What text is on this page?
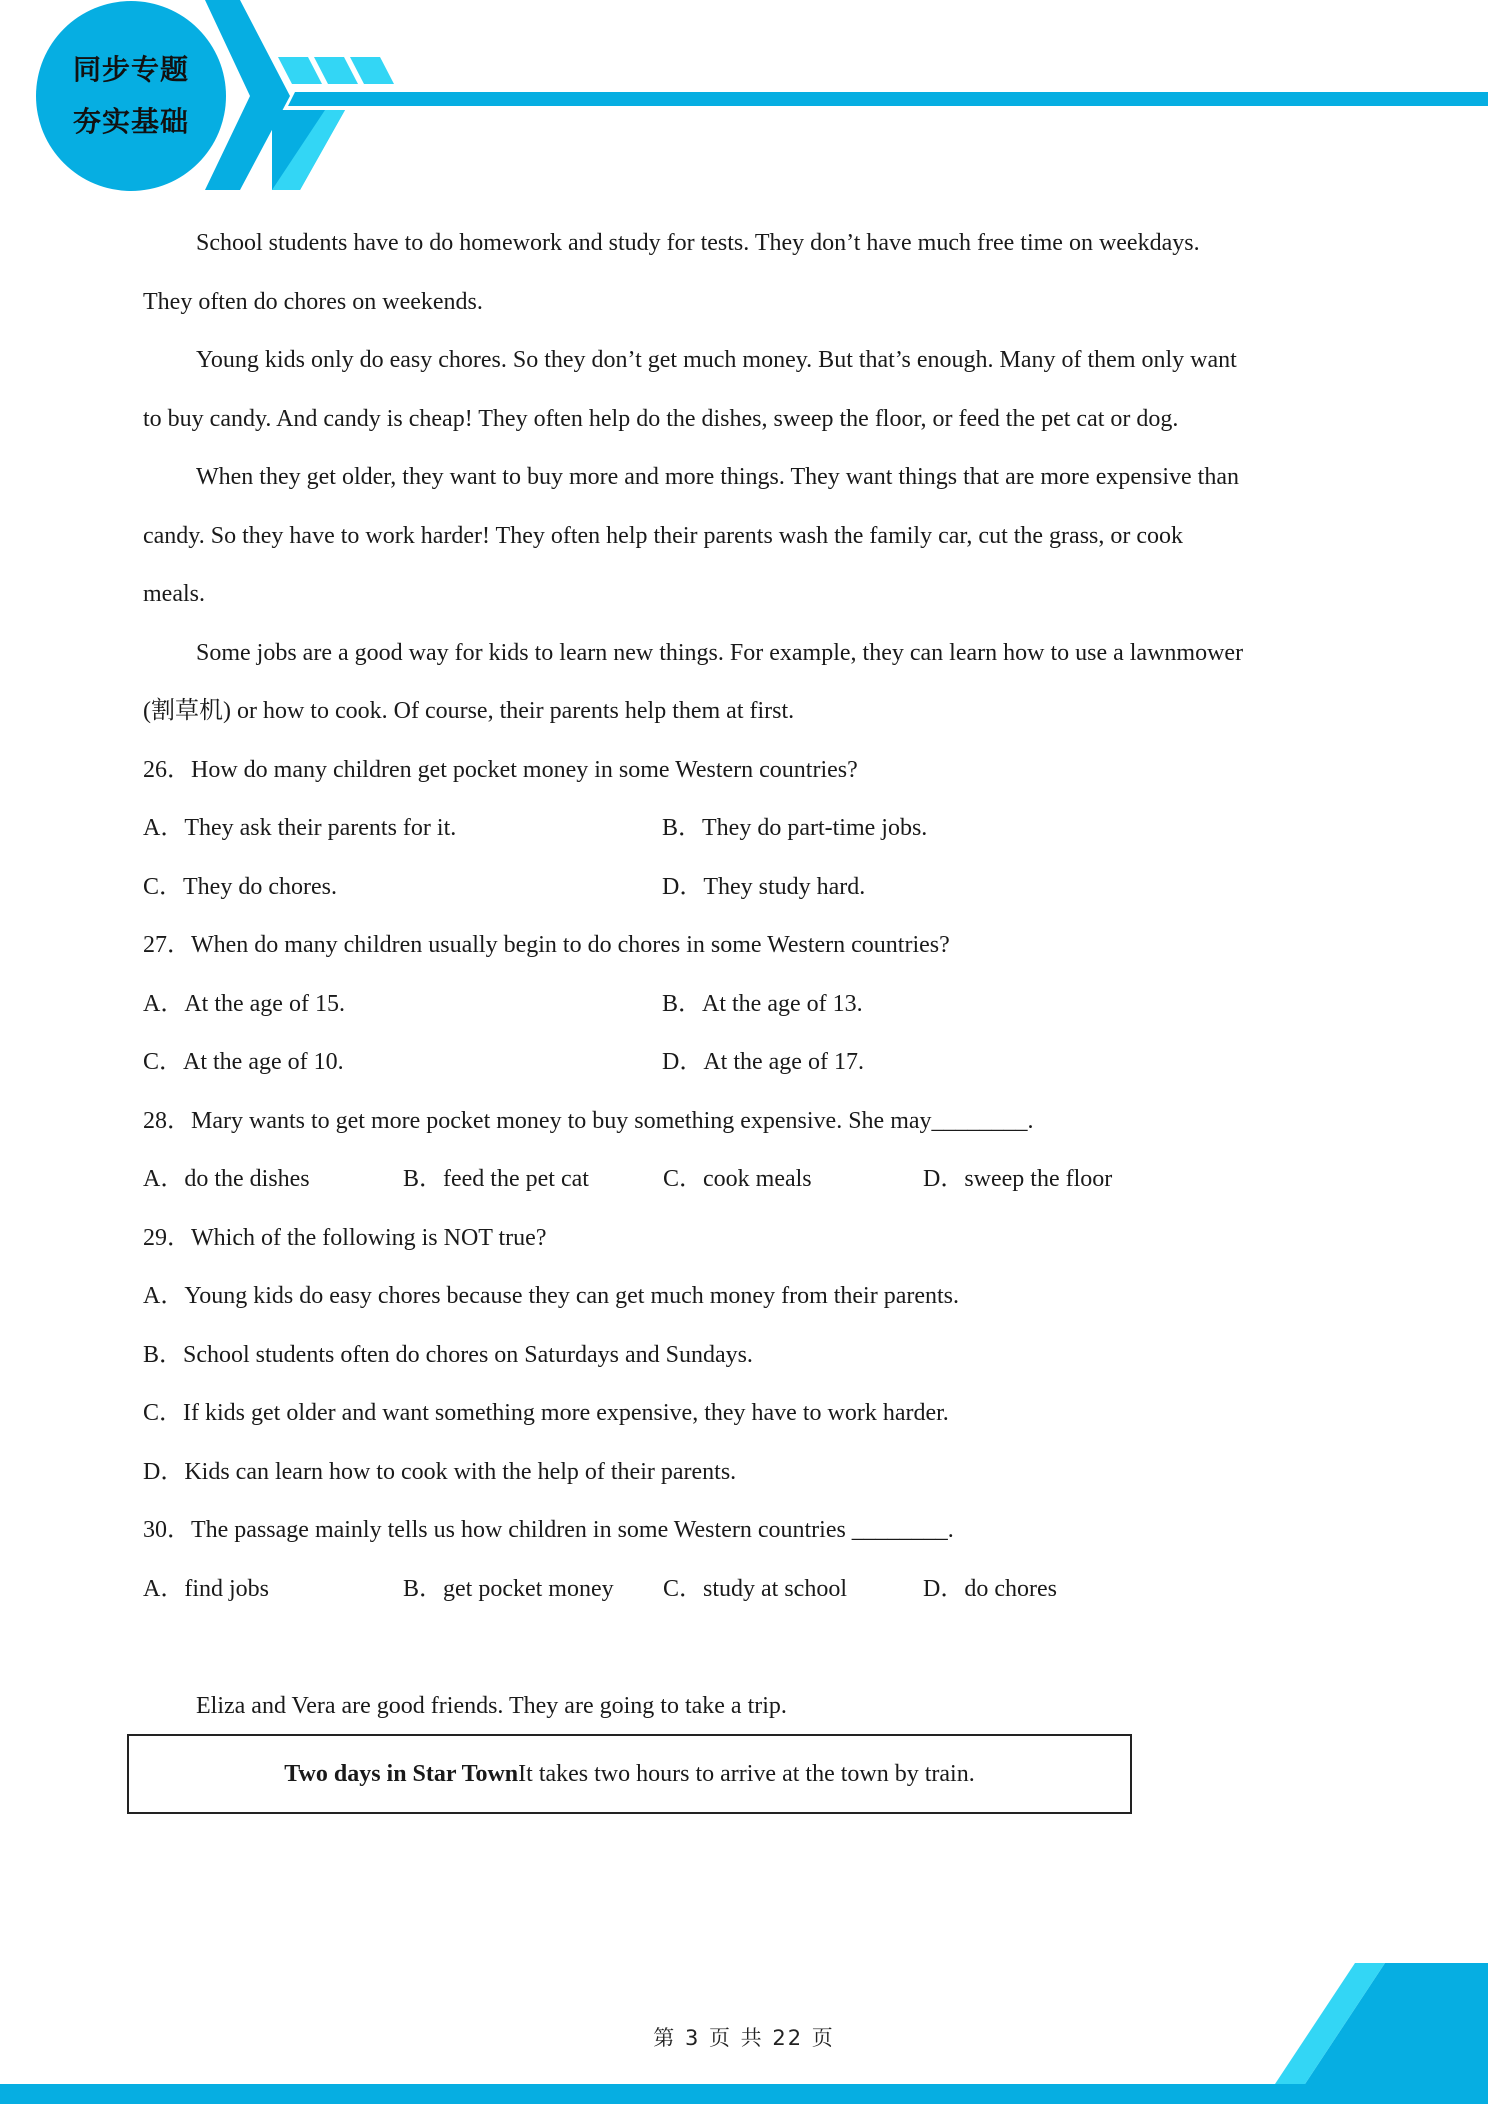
同步专题
夯实基础
School students have to do homework and study for tests. They don’t have much free time on weekdays.
They often do chores on weekends.
Young kids only do easy chores. So they don’t get much money. But that’s enough. Many of them only want
to buy candy. And candy is cheap! They often help do the dishes, sweep the floor, or feed the pet cat or dog.
When they get older, they want to buy more and more things. They want things that are more expensive than
candy. So they have to work harder! They often help their parents wash the family car, cut the grass, or cook
meals.
Some jobs are a good way for kids to learn new things. For example, they can learn how to use a lawnmower
(割草机) or how to cook. Of course, their parents help them at first.
26．How do many children get pocket money in some Western countries?
A．They ask their parents for it.	B．They do part-time jobs.
C．They do chores.	D．They study hard.
27．When do many children usually begin to do chores in some Western countries?
A．At the age of 15.	B．At the age of 13.
C．At the age of 10.	D．At the age of 17.
28．Mary wants to get more pocket money to buy something expensive. She may________.
A．do the dishes	B．feed the pet cat	C．cook meals	D．sweep the floor
29．Which of the following is NOT true?
A．Young kids do easy chores because they can get much money from their parents.
B．School students often do chores on Saturdays and Sundays.
C．If kids get older and want something more expensive, they have to work harder.
D．Kids can learn how to cook with the help of their parents.
30．The passage mainly tells us how children in some Western countries ________.
A．find jobs	B．get pocket money	C．study at school	D．do chores
Eliza and Vera are good friends. They are going to take a trip.
Two days in Star Town It takes two hours to arrive at the town by train.
第 3 页 共 22 页
